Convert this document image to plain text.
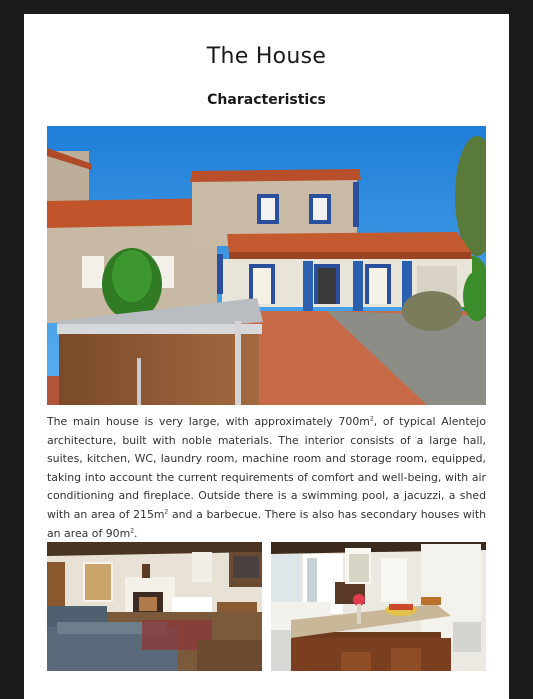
The House
Characteristics

The main house is very large, with approximately $700m^2$, of typical Alentejo
architecture, built with noble materials. The interior consists of a large hall,
suites, kitchen, WC, laundry room, machine room and storage room, equipped,
taking into account the current requirements of comfort and well-being, with air
conditioning and fireplace. Outside there is a swimming pool, a jacuzzi, a shed
with an area of $215m^2$ and a barbecue. There is also has secondary houses with
an area of $90m^2$.
